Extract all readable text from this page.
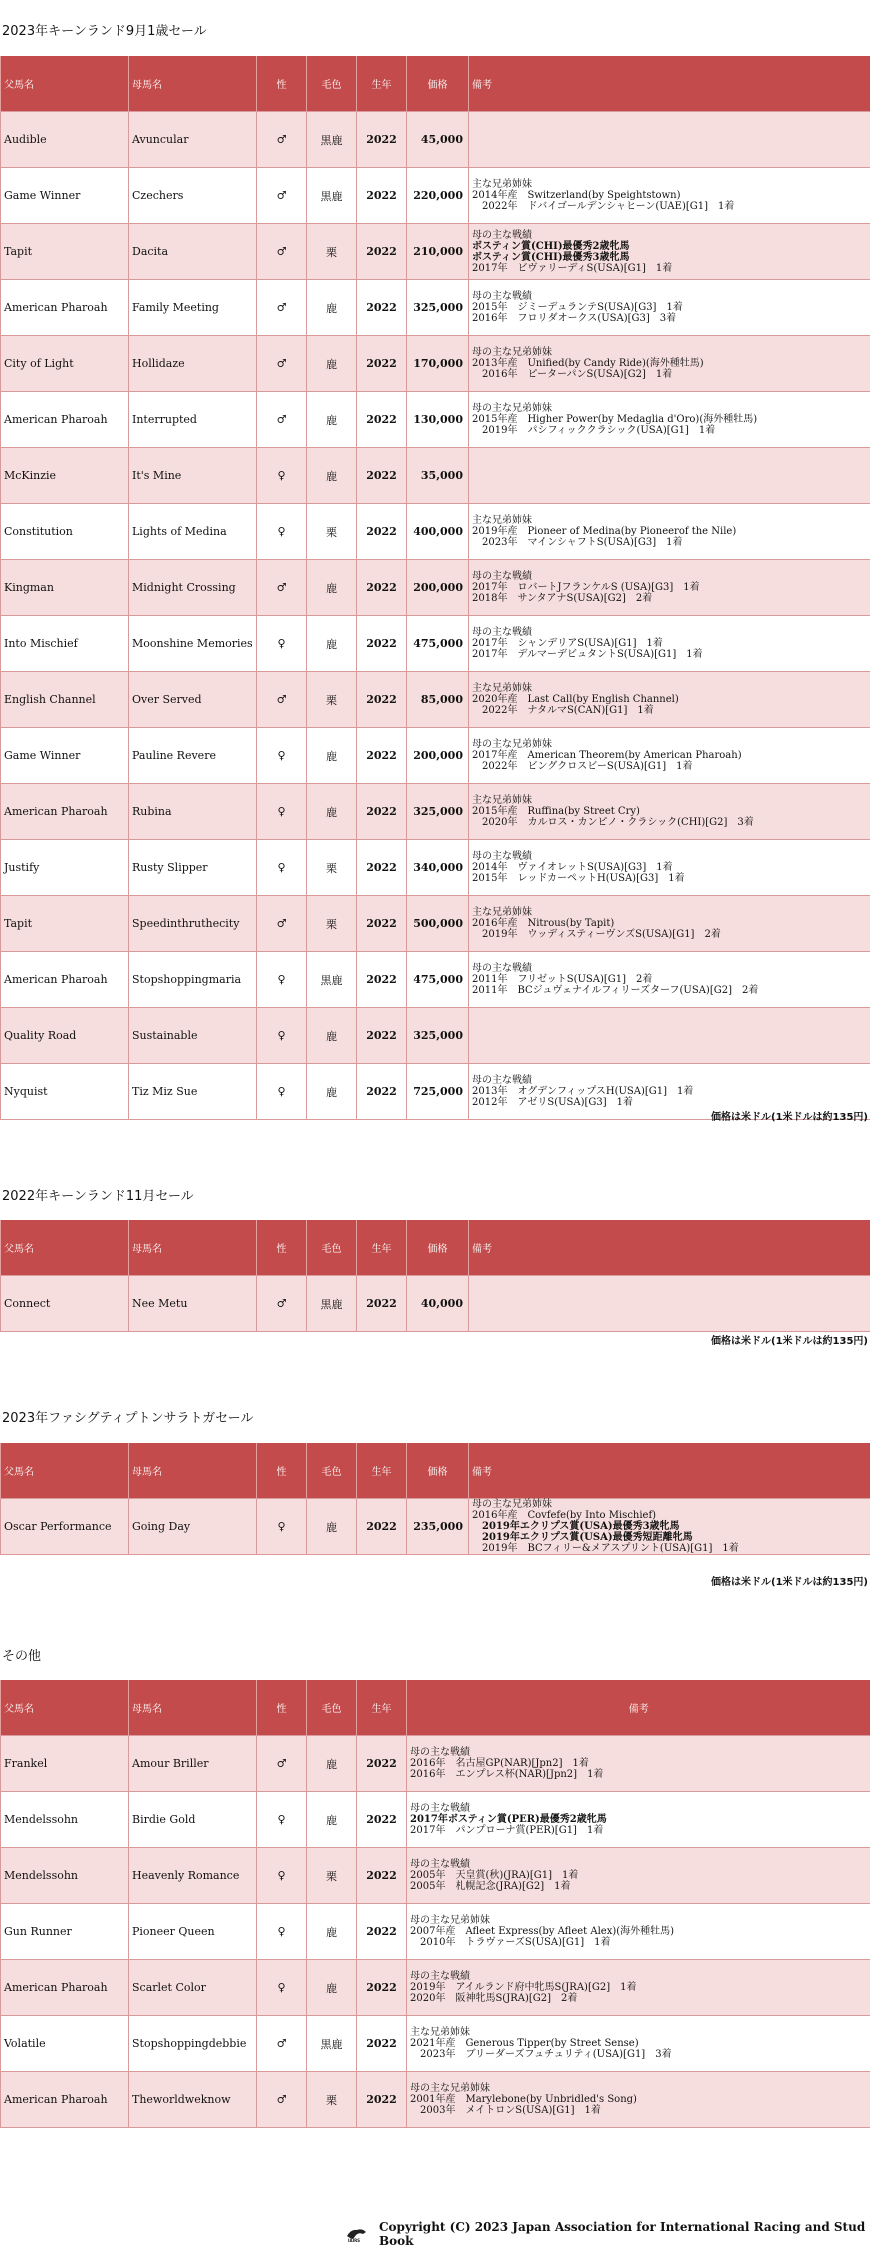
2023年キーンランド9月1歳セール
父馬名	母馬名	性	毛色	生年	価格	備考
Audible	Avuncular	♂	黒鹿	2022	45,000	
Game Winner	Czechers	♂	黒鹿	2022	220,000	主な兄弟姉妹
2014年産　Switzerland(by Speightstown)
　2022年　ドバイゴールデンシャヒーン(UAE)[G1]　1着

Tapit	Dacita	♂	栗	2022	210,000	母の主な戦績
ボスティン賞(CHI)最優秀2歳牝馬
ボスティン賞(CHI)最優秀3歳牝馬
2017年　ビヴァリーディS(USA)[G1]　1着

American Pharoah	Family Meeting	♂	鹿	2022	325,000	母の主な戦績
2015年　ジミーデュランテS(USA)[G3]　1着
2016年　フロリダオークス(USA)[G3]　3着

City of Light	Hollidaze	♂	鹿	2022	170,000	母の主な兄弟姉妹
2013年産　Unified(by Candy Ride)(海外種牡馬)
　2016年　ピーターパンS(USA)[G2]　1着

American Pharoah	Interrupted	♂	鹿	2022	130,000	母の主な兄弟姉妹
2015年産　Higher Power(by Medaglia d'Oro)(海外種牡馬)
　2019年　パシフィッククラシック(USA)[G1]　1着

McKinzie	It's Mine	♀	鹿	2022	35,000	
Constitution	Lights of Medina	♀	栗	2022	400,000	主な兄弟姉妹
2019年産　Pioneer of Medina(by Pioneerof the Nile)
　2023年　マインシャフトS(USA)[G3]　1着

Kingman	Midnight Crossing	♂	鹿	2022	200,000	母の主な戦績
2017年　ロバートJフランケルS (USA)[G3]　1着
2018年　サンタアナS(USA)[G2]　2着

Into Mischief	Moonshine Memories	♀	鹿	2022	475,000	母の主な戦績
2017年　シャンデリアS(USA)[G1]　1着
2017年　デルマーデビュタントS(USA)[G1]　1着

English Channel	Over Served	♂	栗	2022	85,000	主な兄弟姉妹
2020年産　Last Call(by English Channel)
　2022年　ナタルマS(CAN)[G1]　1着

Game Winner	Pauline Revere	♀	鹿	2022	200,000	母の主な兄弟姉妹
2017年産　American Theorem(by American Pharoah)
　2022年　ビングクロスビーS(USA)[G1]　1着

American Pharoah	Rubina	♀	鹿	2022	325,000	主な兄弟姉妹
2015年産　Ruffina(by Street Cry)
　2020年　カルロス・カンピノ・クラシック(CHI)[G2]　3着

Justify	Rusty Slipper	♀	栗	2022	340,000	母の主な戦績
2014年　ヴァイオレットS(USA)[G3]　1着
2015年　レッドカーペットH(USA)[G3]　1着

Tapit	Speedinthruthecity	♂	栗	2022	500,000	主な兄弟姉妹
2016年産　Nitrous(by Tapit)
　2019年　ウッディスティーヴンズS(USA)[G1]　2着

American Pharoah	Stopshoppingmaria	♀	黒鹿	2022	475,000	母の主な戦績
2011年　フリゼットS(USA)[G1]　2着
2011年　BCジュヴェナイルフィリーズターフ(USA)[G2]　2着

Quality Road	Sustainable	♀	鹿	2022	325,000	
Nyquist	Tiz Miz Sue	♀	鹿	2022	725,000	母の主な戦績
2013年　オグデンフィップスH(USA)[G1]　1着
2012年　アゼリS(USA)[G3]　1着
価格は米ドル(1米ドルは約135円)
2022年キーンランド11月セール
父馬名	母馬名	性	毛色	生年	価格	備考
Connect	Nee Metu	♂	黒鹿	2022	40,000	
価格は米ドル(1米ドルは約135円)
2023年ファシグティプトンサラトガセール
父馬名	母馬名	性	毛色	生年	価格	備考
Oscar Performance	Going Day	♀	鹿	2022	235,000	母の主な兄弟姉妹
2016年産　Covfefe(by Into Mischief)
　2019年エクリプス賞(USA)最優秀3歳牝馬
　2019年エクリプス賞(USA)最優秀短距離牝馬
　2019年　BCフィリー&メアスプリント(USA)[G1]　1着
価格は米ドル(1米ドルは約135円)
その他
父馬名	母馬名	性	毛色	生年	備考
Frankel	Amour Briller	♂	鹿	2022	母の主な戦績
2016年　名古屋GP(NAR)[Jpn2]　1着
2016年　エンプレス杯(NAR)[Jpn2]　1着

Mendelssohn	Birdie Gold	♀	鹿	2022	母の主な戦績
2017年ボスティン賞(PER)最優秀2歳牝馬
2017年　パンプローナ賞(PER)[G1]　1着

Mendelssohn	Heavenly Romance	♀	栗	2022	母の主な戦績
2005年　天皇賞(秋)(JRA)[G1]　1着
2005年　札幌記念(JRA)[G2]　1着

Gun Runner	Pioneer Queen	♀	鹿	2022	母の主な兄弟姉妹
2007年産　Afleet Express(by Afleet Alex)(海外種牡馬)
　2010年　トラヴァーズS(USA)[G1]　1着

American Pharoah	Scarlet Color	♀	鹿	2022	母の主な戦績
2019年　アイルランド府中牝馬S(JRA)[G2]　1着
2020年　阪神牝馬S(JRA)[G2]　2着

Volatile	Stopshoppingdebbie	♂	黒鹿	2022	主な兄弟姉妹
2021年産　Generous Tipper(by Street Sense)
　2023年　ブリーダーズフュチュリティ(USA)[G1]　3着

American Pharoah	Theworldweknow	♂	栗	2022	母の主な兄弟姉妹
2001年産　Marylebone(by Unbridled's Song)
　2003年　メイトロンS(USA)[G1]　1着
JAIRS
Copyright (C) 2023 Japan Association for International Racing and Stud Book
